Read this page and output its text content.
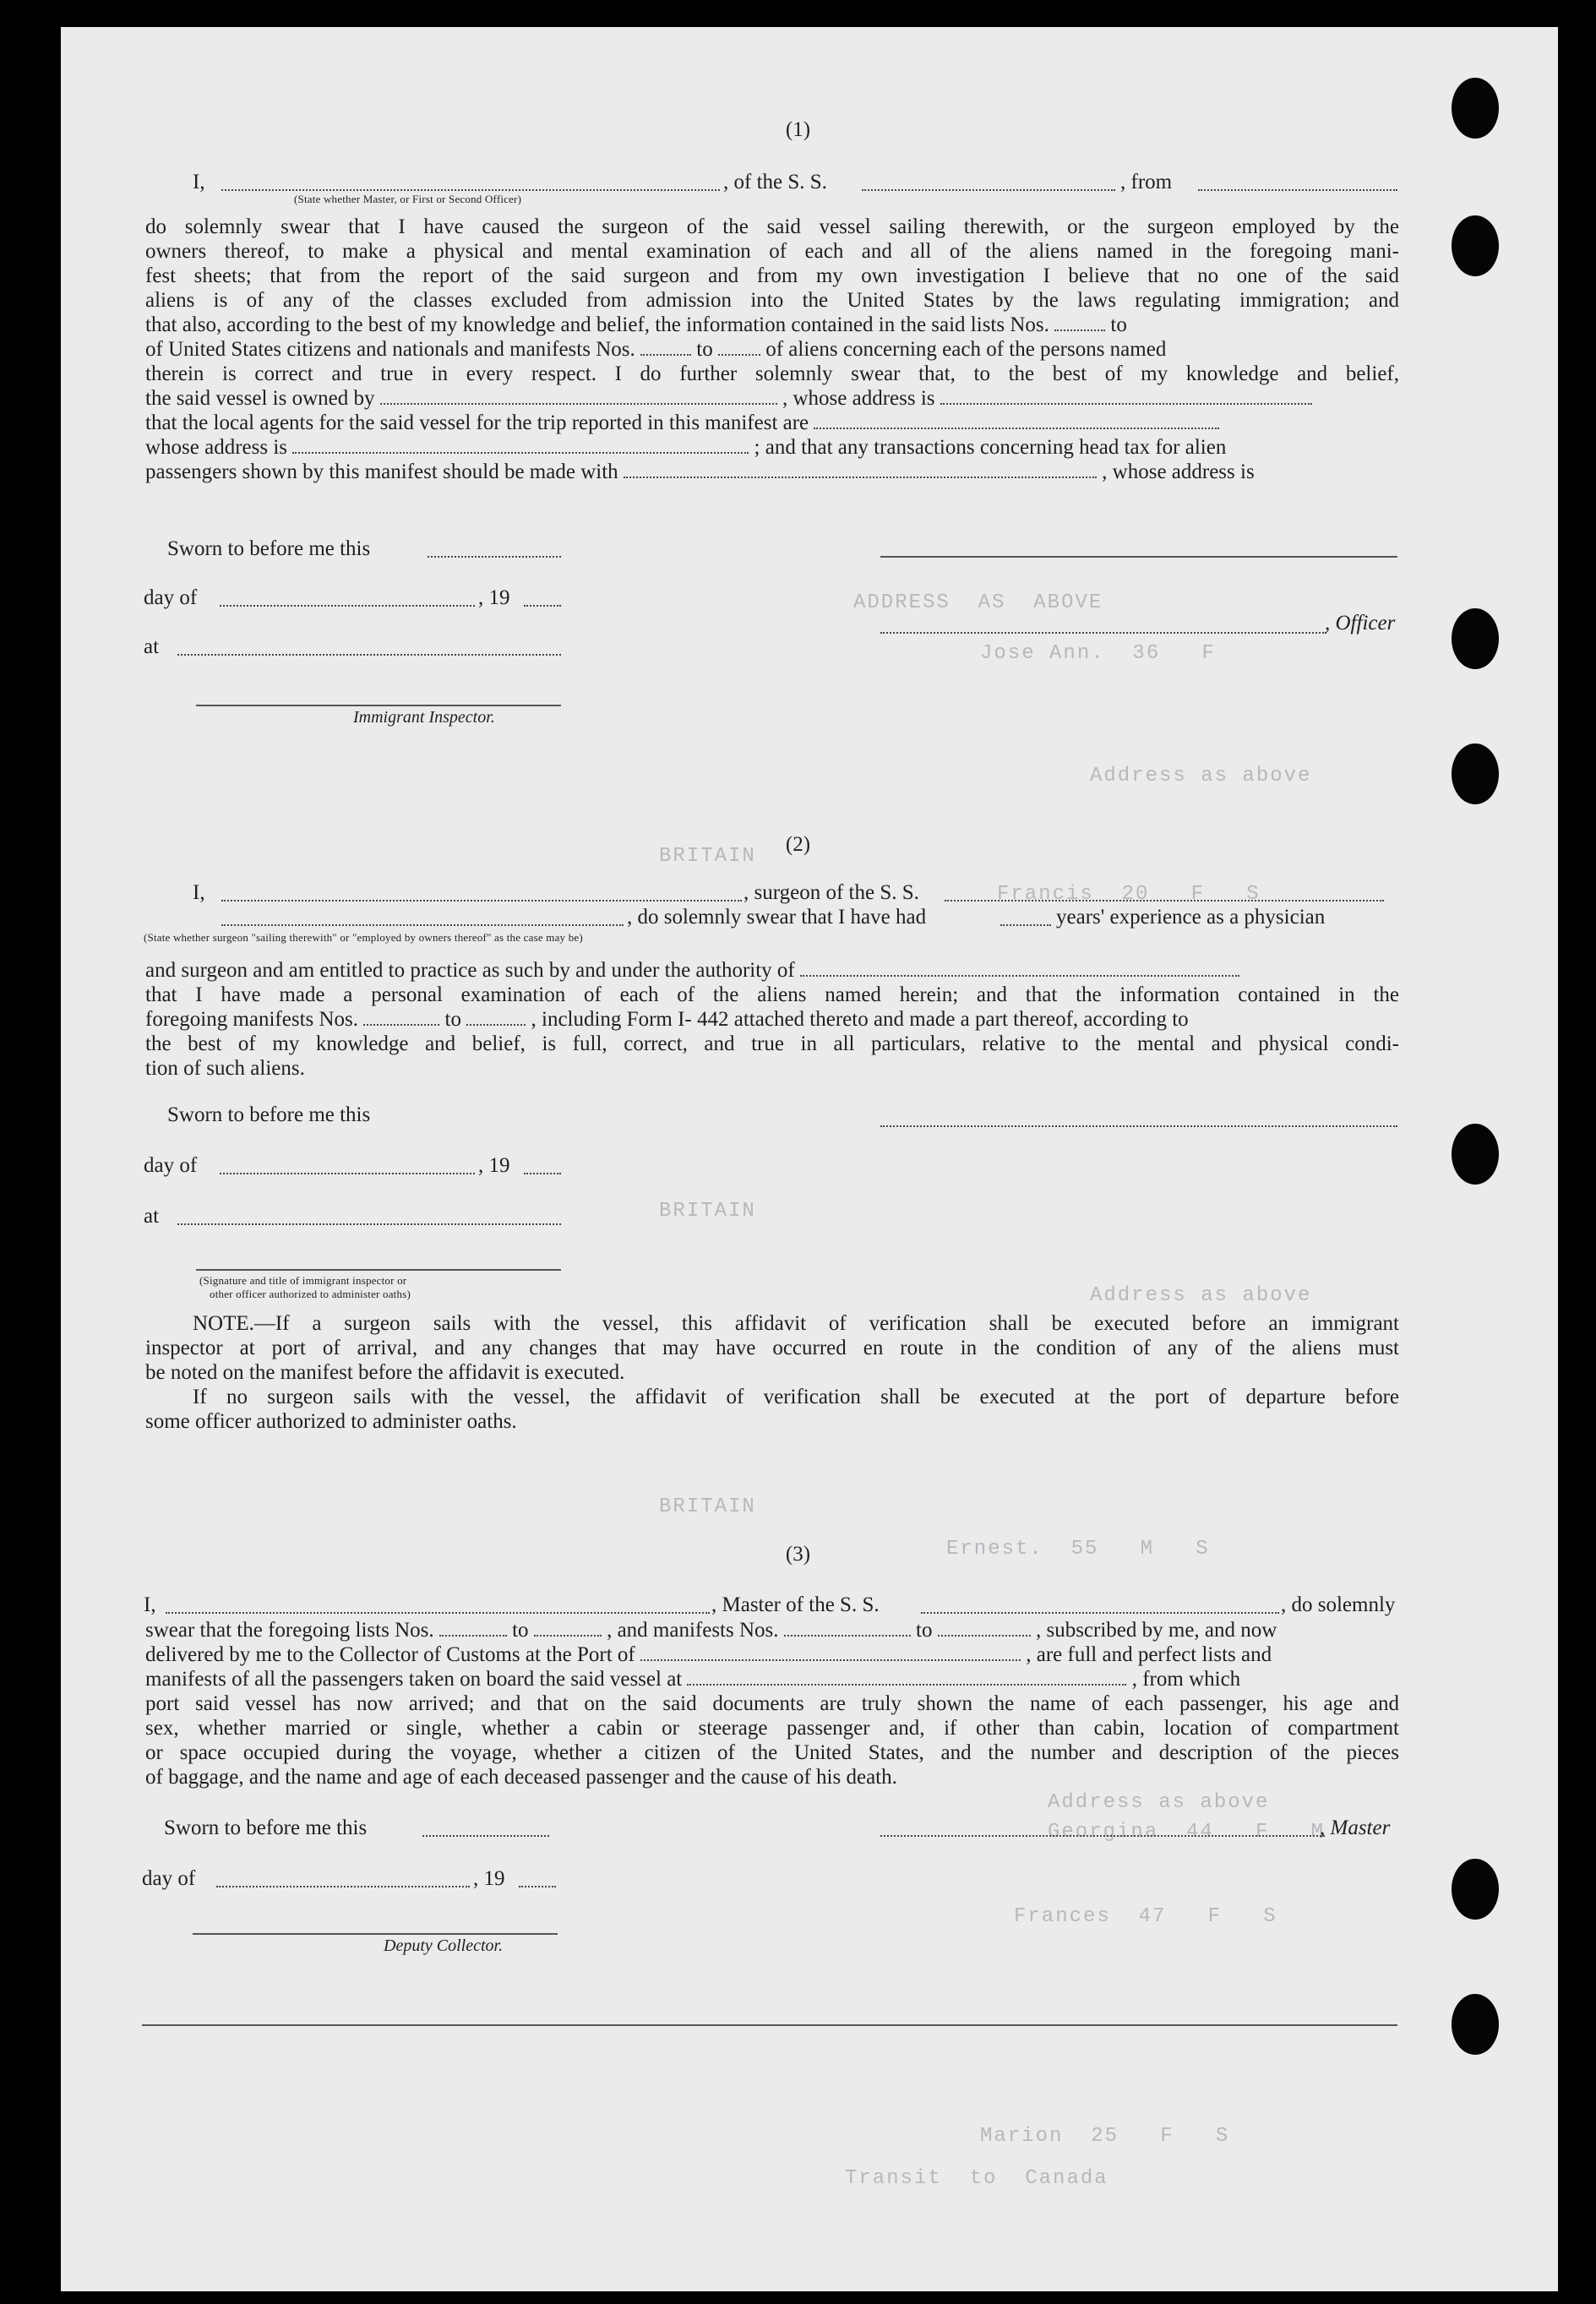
ADDRESS  AS  ABOVE
BRITAIN
Jose Ann.  36   F
Address as above
Francis  20   F   S
BRITAIN
Address as above
Ernest.  55   M   S
BRITAIN
Georgina  44   F   M
Frances  47   F   S
Address as above
Marion  25   F   S
Transit  to  Canada
(1)
I,	, of the S. S.	, from
(State whether Master, or First or Second Officer)
do solemnly swear that I have caused the surgeon of the said vessel sailing therewith, or the surgeon employed by the
owners thereof, to make a physical and mental examination of each and all of the aliens named in the foregoing mani-
fest sheets; that from the report of the said surgeon and from my own investigation I believe that no one of the said
aliens is of any of the classes excluded from admission into the United States by the laws regulating immigration; and
that also, according to the best of my knowledge and belief, the information contained in the said lists Nos.	to
of United States citizens and nationals and manifests Nos.	to	of aliens concerning each of the persons named
therein is correct and true in every respect. I do further solemnly swear that, to the best of my knowledge and belief,
the said vessel is owned by	, whose address is
that the local agents for the said vessel for the trip reported in this manifest are
whose address is	; and that any transactions concerning head tax for alien
passengers shown by this manifest should be made with	, whose address is
Sworn to before me this
day of	, 19
at
, Officer
Immigrant Inspector.
(2)
I,	, surgeon of the S. S.
, do solemnly swear that I have had	years' experience as a physician
(State whether surgeon "sailing therewith" or "employed by owners thereof" as the case may be)
and surgeon and am entitled to practice as such by and under the authority of
that I have made a personal examination of each of the aliens named herein; and that the information contained in the
foregoing manifests Nos.	to	, including Form I- 442 attached thereto and made a part thereof, according to
the best of my knowledge and belief, is full, correct, and true in all particulars, relative to the mental and physical condi-
tion of such aliens.
Sworn to before me this
day of	, 19
at
(Signature and title of immigrant inspector or
other officer authorized to administer oaths)
NOTE.—If a surgeon sails with the vessel, this affidavit of verification shall be executed before an immigrant
inspector at port of arrival, and any changes that may have occurred en route in the condition of any of the aliens must
be noted on the manifest before the affidavit is executed.
If no surgeon sails with the vessel, the affidavit of verification shall be executed at the port of departure before
some officer authorized to administer oaths.
(3)
I,	, Master of the S. S.	, do solemnly
swear that the foregoing lists Nos.	to	, and manifests Nos.	to	, subscribed by me, and now
delivered by me to the Collector of Customs at the Port of	, are full and perfect lists and
manifests of all the passengers taken on board the said vessel at	, from which
port said vessel has now arrived; and that on the said documents are truly shown the name of each passenger, his age and
sex, whether married or single, whether a cabin or steerage passenger and, if other than cabin, location of compartment
or space occupied during the voyage, whether a citizen of the United States, and the number and description of the pieces
of baggage, and the name and age of each deceased passenger and the cause of his death.
Sworn to before me this	, Master
day of	, 19
Deputy Collector.
